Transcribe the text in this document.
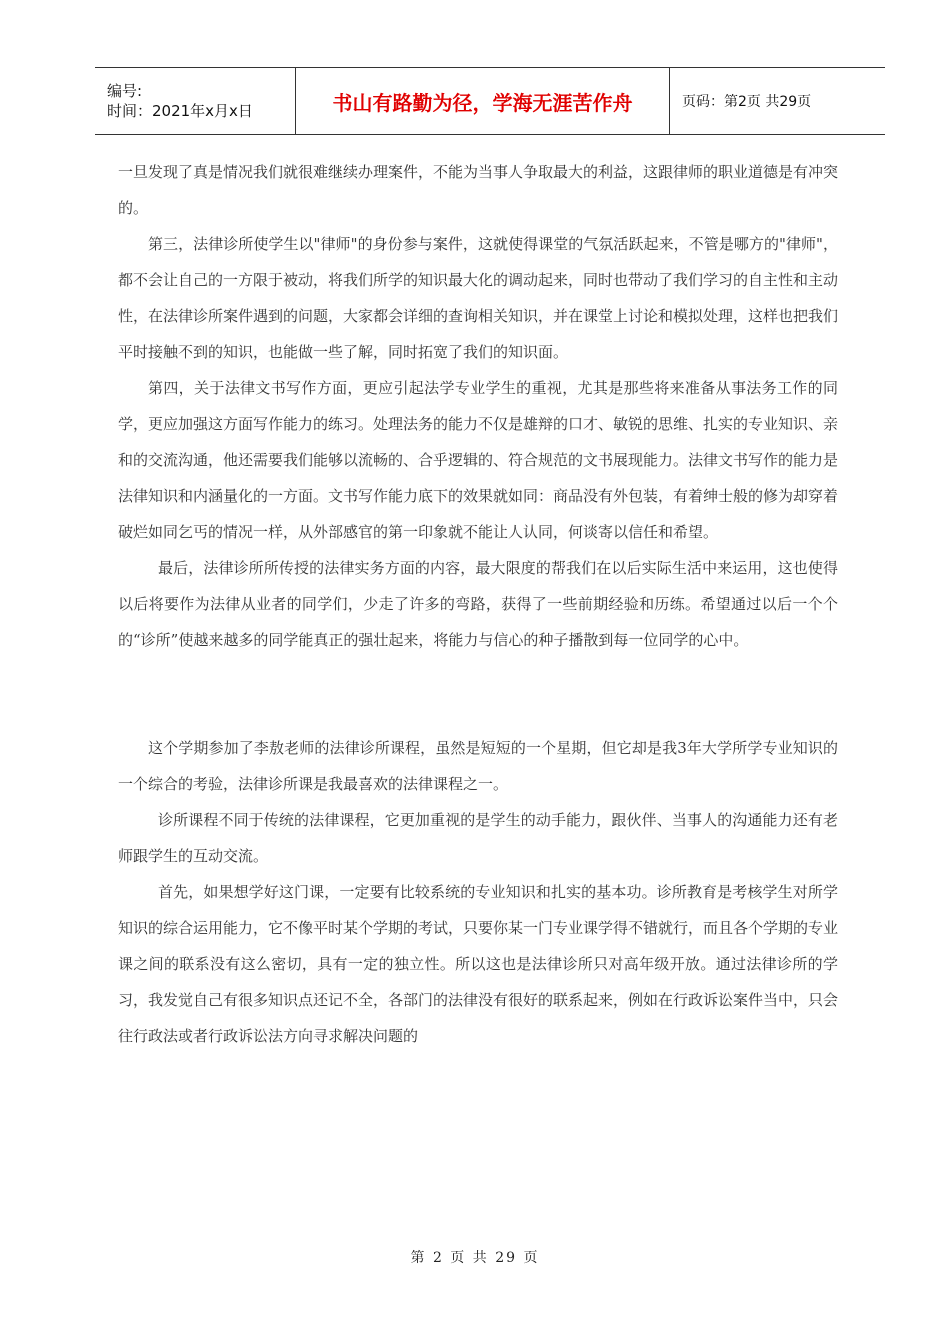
编号:
时间：2021年x月x日	书山有路勤为径，学海无涯苦作舟	页码：第2页 共29页

一旦发现了真是情况我们就很难继续办理案件，不能为当事人争取最大的利益，这跟律师的职业道德是有冲突的。

第三，法律诊所使学生以"律师"的身份参与案件，这就使得课堂的气氛活跃起来，不管是哪方的"律师"，都不会让自己的一方限于被动，将我们所学的知识最大化的调动起来，同时也带动了我们学习的自主性和主动性，在法律诊所案件遇到的问题，大家都会详细的查询相关知识，并在课堂上讨论和模拟处理，这样也把我们平时接触不到的知识，也能做一些了解，同时拓宽了我们的知识面。

第四，关于法律文书写作方面，更应引起法学专业学生的重视，尤其是那些将来准备从事法务工作的同学，更应加强这方面写作能力的练习。处理法务的能力不仅是雄辩的口才、敏锐的思维、扎实的专业知识、亲和的交流沟通，他还需要我们能够以流畅的、合乎逻辑的、符合规范的文书展现能力。法律文书写作的能力是法律知识和内涵量化的一方面。文书写作能力底下的效果就如同：商品没有外包装，有着绅士般的修为却穿着破烂如同乞丐的情况一样，从外部感官的第一印象就不能让人认同，何谈寄以信任和希望。

最后，法律诊所所传授的法律实务方面的内容，最大限度的帮我们在以后实际生活中来运用，这也使得以后将要作为法律从业者的同学们，少走了许多的弯路，获得了一些前期经验和历练。希望通过以后一个个的“诊所”使越来越多的同学能真正的强壮起来，将能力与信心的种子播散到每一位同学的心中。

这个学期参加了李敖老师的法律诊所课程，虽然是短短的一个星期，但它却是我3年大学所学专业知识的一个综合的考验，法律诊所课是我最喜欢的法律课程之一。

诊所课程不同于传统的法律课程，它更加重视的是学生的动手能力，跟伙伴、当事人的沟通能力还有老师跟学生的互动交流。

首先，如果想学好这门课，一定要有比较系统的专业知识和扎实的基本功。诊所教育是考核学生对所学知识的综合运用能力，它不像平时某个学期的考试，只要你某一门专业课学得不错就行，而且各个学期的专业课之间的联系没有这么密切，具有一定的独立性。所以这也是法律诊所只对高年级开放。通过法律诊所的学习，我发觉自己有很多知识点还记不全，各部门的法律没有很好的联系起来，例如在行政诉讼案件当中，只会往行政法或者行政诉讼法方向寻求解决问题的

第 2 页 共 29 页
